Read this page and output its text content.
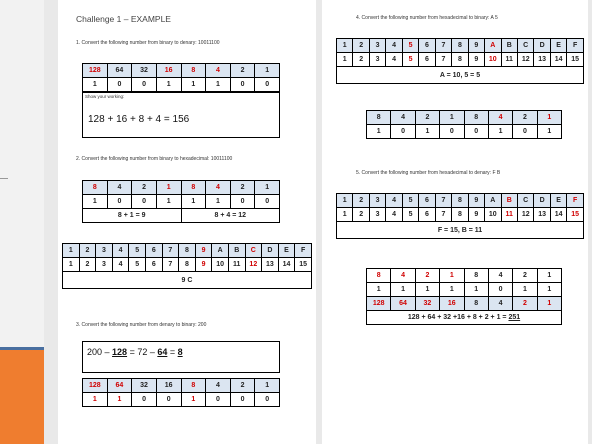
Challenge 1 – EXAMPLE
1. Convert the following number from binary to denary: 10011100
128	64	32	16	8	4	2	1
1	0	0	1	1	1	0	0
Show your working:
128 + 16 + 8 + 4 = 156
2. Convert the following number from binary to hexadecimal: 10011100
8	4	2	1	8	4	2	1
1	0	0	1	1	1	0	0
8 + 1 = 9				8 + 4 = 12			
1	2	3	4	5	6	7	8	9	A	B	C	D	E	F
1	2	3	4	5	6	7	8	9	10	11	12	13	14	15
9 C														
3. Convert the following number from denary to binary: 200
200 – 128 = 72 – 64 = 8
128	64	32	16	8	4	2	1
1	1	0	0	1	0	0	0
4. Convert the following number from hexadecimal to binary: A 5
1	2	3	4	5	6	7	8	9	A	B	C	D	E	F
1	2	3	4	5	6	7	8	9	10	11	12	13	14	15
A = 10, 5 = 5														
8	4	2	1	8	4	2	1
1	0	1	0	0	1	0	1
5. Convert the following number from hexadecimal to denary: F B
1	2	3	4	5	6	7	8	9	A	B	C	D	E	F
1	2	3	4	5	6	7	8	9	10	11	12	13	14	15
F = 15, B = 11														
8	4	2	1	8	4	2	1
1	1	1	1	1	0	1	1
128	64	32	16	8	4	2	1
128 + 64 + 32 +16 + 8 + 2 + 1 = 251							
